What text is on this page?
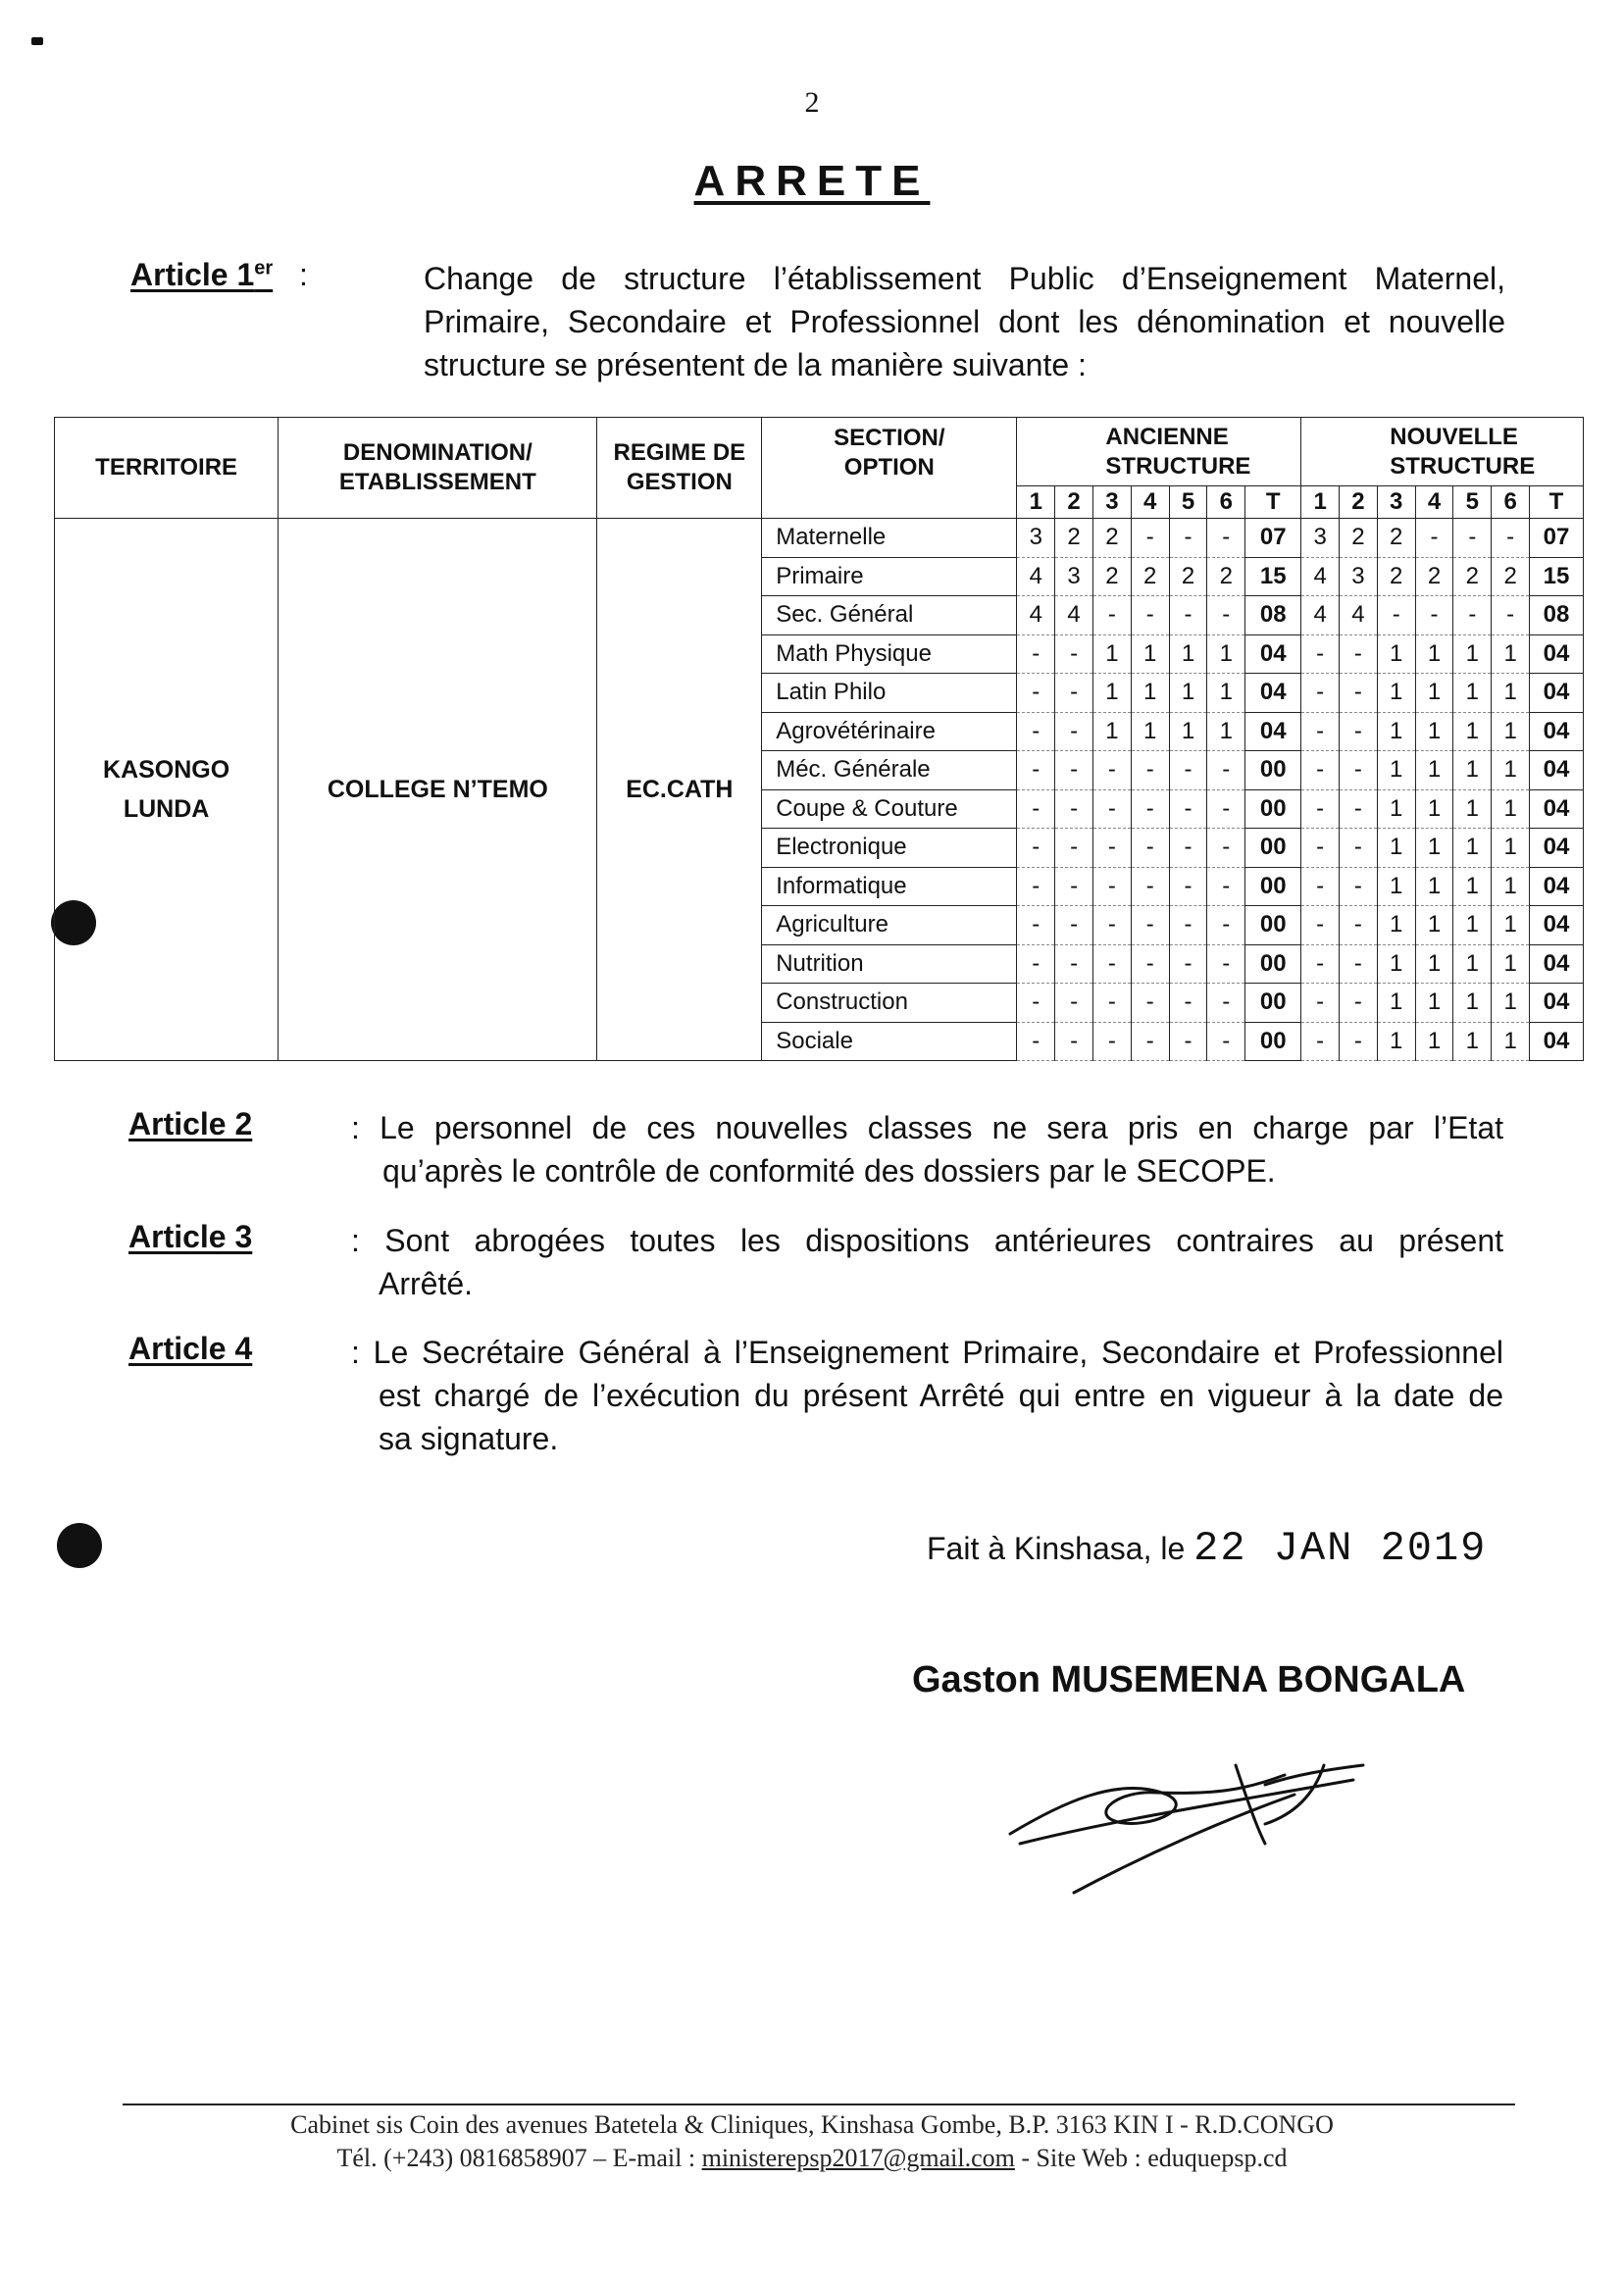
2
ARRETE
Article 1er :	Change de structure l’établissement Public d’Enseignement Maternel,
Primaire, Secondaire et Professionnel dont les dénomination et nouvelle
structure se présentent de la manière suivante :
TERRITOIRE	DENOMINATION/ ETABLISSEMENT	REGIME DE GESTION	SECTION/ OPTION	ANCIENNE STRUCTURE							NOUVELLE STRUCTURE						
				1	2	3	4	5	6	T	1	2	3	4	5	6	T
KASONGO LUNDA	COLLEGE N’TEMO	EC.CATH	Maternelle	3	2	2	-	-	-	07	3	2	2	-	-	-	07
			Primaire	4	3	2	2	2	2	15	4	3	2	2	2	2	15
			Sec. Général	4	4	-	-	-	-	08	4	4	-	-	-	-	08
			Math Physique	-	-	1	1	1	1	04	-	-	1	1	1	1	04
			Latin Philo	-	-	1	1	1	1	04	-	-	1	1	1	1	04
			Agrovétérinaire	-	-	1	1	1	1	04	-	-	1	1	1	1	04
			Méc. Générale	-	-	-	-	-	-	00	-	-	1	1	1	1	04
			Coupe & Couture	-	-	-	-	-	-	00	-	-	1	1	1	1	04
			Electronique	-	-	-	-	-	-	00	-	-	1	1	1	1	04
			Informatique	-	-	-	-	-	-	00	-	-	1	1	1	1	04
			Agriculture	-	-	-	-	-	-	00	-	-	1	1	1	1	04
			Nutrition	-	-	-	-	-	-	00	-	-	1	1	1	1	04
			Construction	-	-	-	-	-	-	00	-	-	1	1	1	1	04
			Sociale	-	-	-	-	-	-	00	-	-	1	1	1	1	04
Article 2	: Le personnel de ces nouvelles classes ne sera pris en charge par l’Etat
qu’après le contrôle de conformité des dossiers par le SECOPE.
Article 3	: Sont abrogées toutes les dispositions antérieures contraires au présent
Arrêté.
Article 4	: Le Secrétaire Général à l’Enseignement Primaire, Secondaire et Professionnel
est chargé de l’exécution du présent Arrêté qui entre en vigueur à la date de
sa signature.
Fait à Kinshasa, le 22 JAN 2019
Gaston MUSEMENA BONGALA
Cabinet sis Coin des avenues Batetela & Cliniques, Kinshasa Gombe, B.P. 3163 KIN I - R.D.CONGO
Tél. (+243) 0816858907 – E-mail : ministerepsp2017@gmail.com - Site Web : eduquepsp.cd
